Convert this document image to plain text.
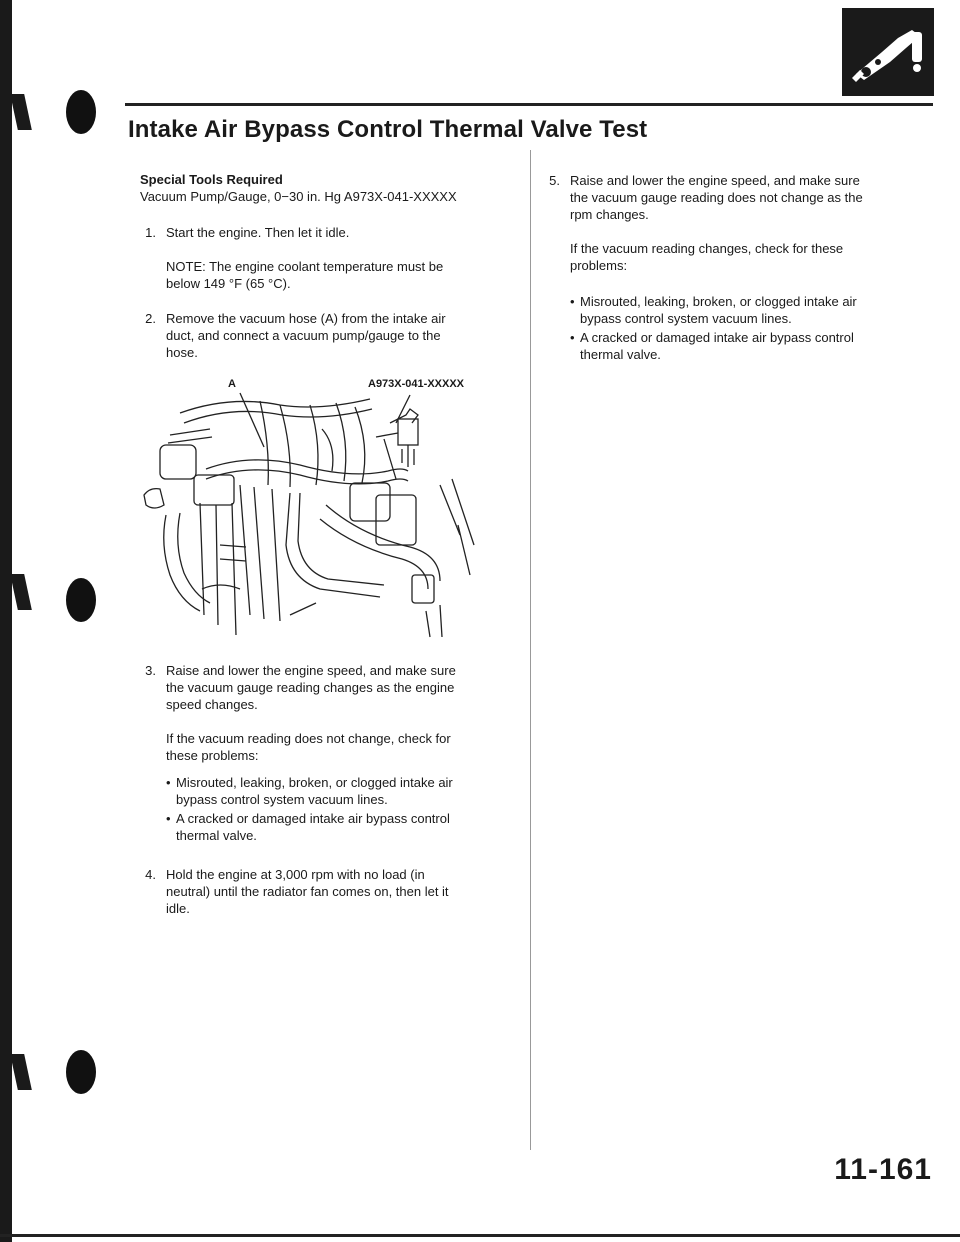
Intake Air Bypass Control Thermal Valve Test
Special Tools Required
Vacuum Pump/Gauge, 0−30 in. Hg A973X-041-XXXXX
1. Start the engine. Then let it idle.
NOTE: The engine coolant temperature must be
below 149 °F (65 °C).
2. Remove the vacuum hose (A) from the intake air
duct, and connect a vacuum pump/gauge to the
hose.
A	A973X-041-XXXXX
3. Raise and lower the engine speed, and make sure
the vacuum gauge reading changes as the engine
speed changes.
If the vacuum reading does not change, check for
these problems:
• Misrouted, leaking, broken, or clogged intake air
bypass control system vacuum lines.
• A cracked or damaged intake air bypass control
thermal valve.
4. Hold the engine at 3,000 rpm with no load (in
neutral) until the radiator fan comes on, then let it
idle.
5. Raise and lower the engine speed, and make sure
the vacuum gauge reading does not change as the
rpm changes.
If the vacuum reading changes, check for these
problems:
• Misrouted, leaking, broken, or clogged intake air
bypass control system vacuum lines.
• A cracked or damaged intake air bypass control
thermal valve.
11-161
